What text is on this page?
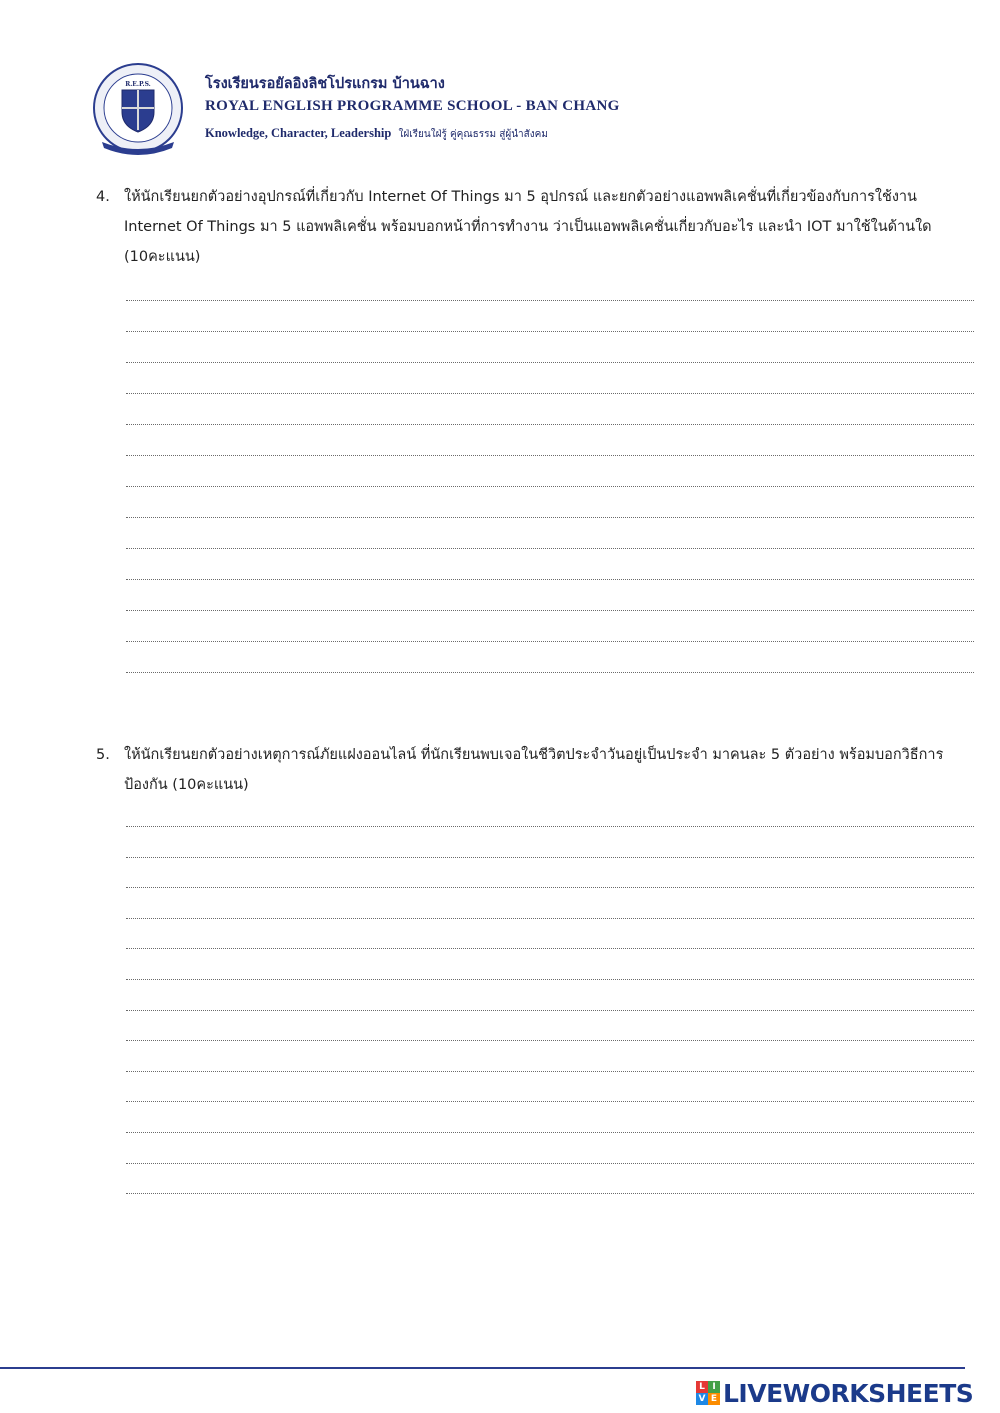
R.E.P.S.	โรงเรียนรอยัลอิงลิชโปรแกรม บ้านฉาง
ROYAL ENGLISH PROGRAMME SCHOOL - BAN CHANG
Knowledge, Character, Leadership ใฝ่เรียนใฝ่รู้ คู่คุณธรรม สู่ผู้นำสังคม
4. ให้นักเรียนยกตัวอย่างอุปกรณ์ที่เกี่ยวกับ Internet Of Things มา 5 อุปกรณ์ และยกตัวอย่างแอพพลิเคชั่นที่เกี่ยวข้องกับการใช้งาน Internet Of Things มา 5 แอพพลิเคชั่น พร้อมบอกหน้าที่การทำงาน ว่าเป็นแอพพลิเคชั่นเกี่ยวกับอะไร และนำ IOT มาใช้ในด้านใด (10คะแนน)
5. ให้นักเรียนยกตัวอย่างเหตุการณ์ภัยแฝงออนไลน์ ที่นักเรียนพบเจอในชีวิตประจำวันอยู่เป็นประจำ มาคนละ 5 ตัวอย่าง พร้อมบอกวิธีการป้องกัน (10คะแนน)
L I
V E LIVEWORKSHEETS
